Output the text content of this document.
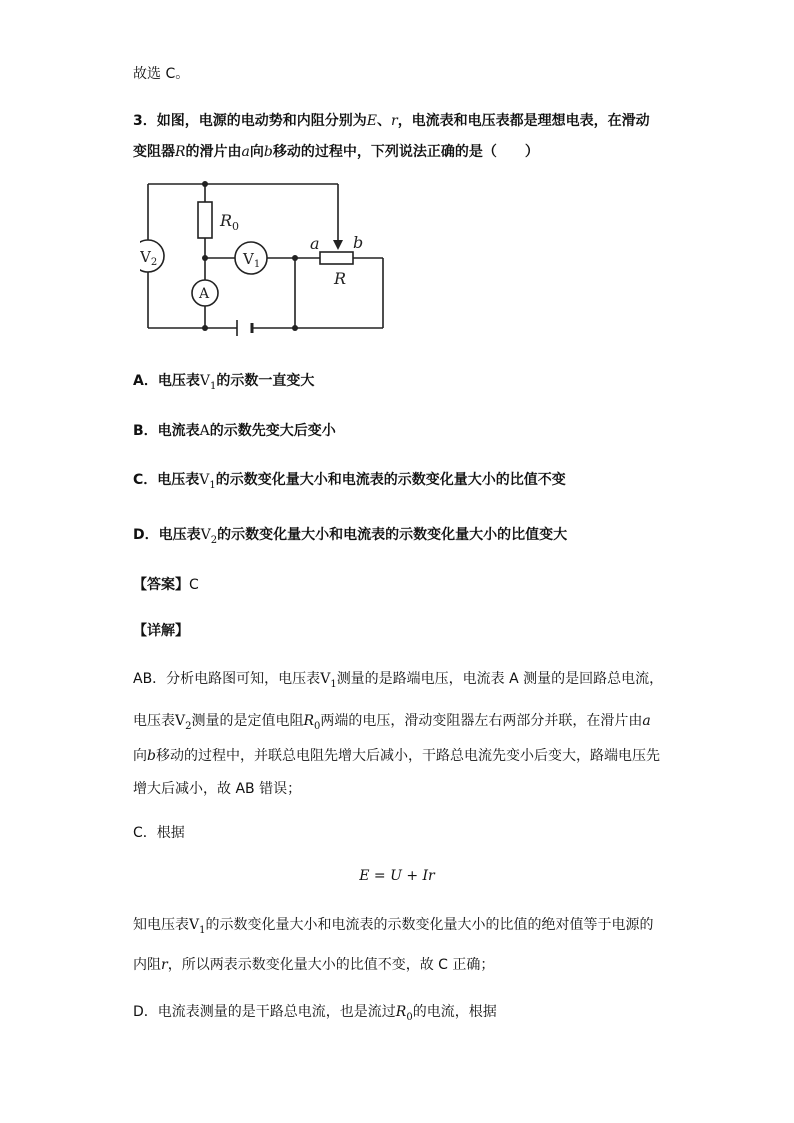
故选 C。
3．如图，电源的电动势和内阻分别为E、r，电流表和电压表都是理想电表，在滑动
变阻器R的滑片由a向b移动的过程中，下列说法正确的是（　　）
$V_2$	$V_1$
A
$R_0$
a b
R
A．电压表$V_1$的示数一直变大
B．电流表A的示数先变大后变小
C．电压表$V_1$的示数变化量大小和电流表的示数变化量大小的比值不变
D．电压表$V_2$的示数变化量大小和电流表的示数变化量大小的比值变大
【答案】C
【详解】
AB．分析电路图可知，电压表$V_1$测量的是路端电压，电流表 A 测量的是回路总电流，
电压表$V_2$测量的是定值电阻$R_0$两端的电压，滑动变阻器左右两部分并联，在滑片由a
向b移动的过程中，并联总电阻先增大后减小，干路总电流先变小后变大，路端电压先
增大后减小，故 AB 错误；
C．根据
E = U + Ir
知电压表$V_1$的示数变化量大小和电流表的示数变化量大小的比值的绝对值等于电源的
内阻r，所以两表示数变化量大小的比值不变，故 C 正确；
D．电流表测量的是干路总电流，也是流过$R_0$的电流，根据
